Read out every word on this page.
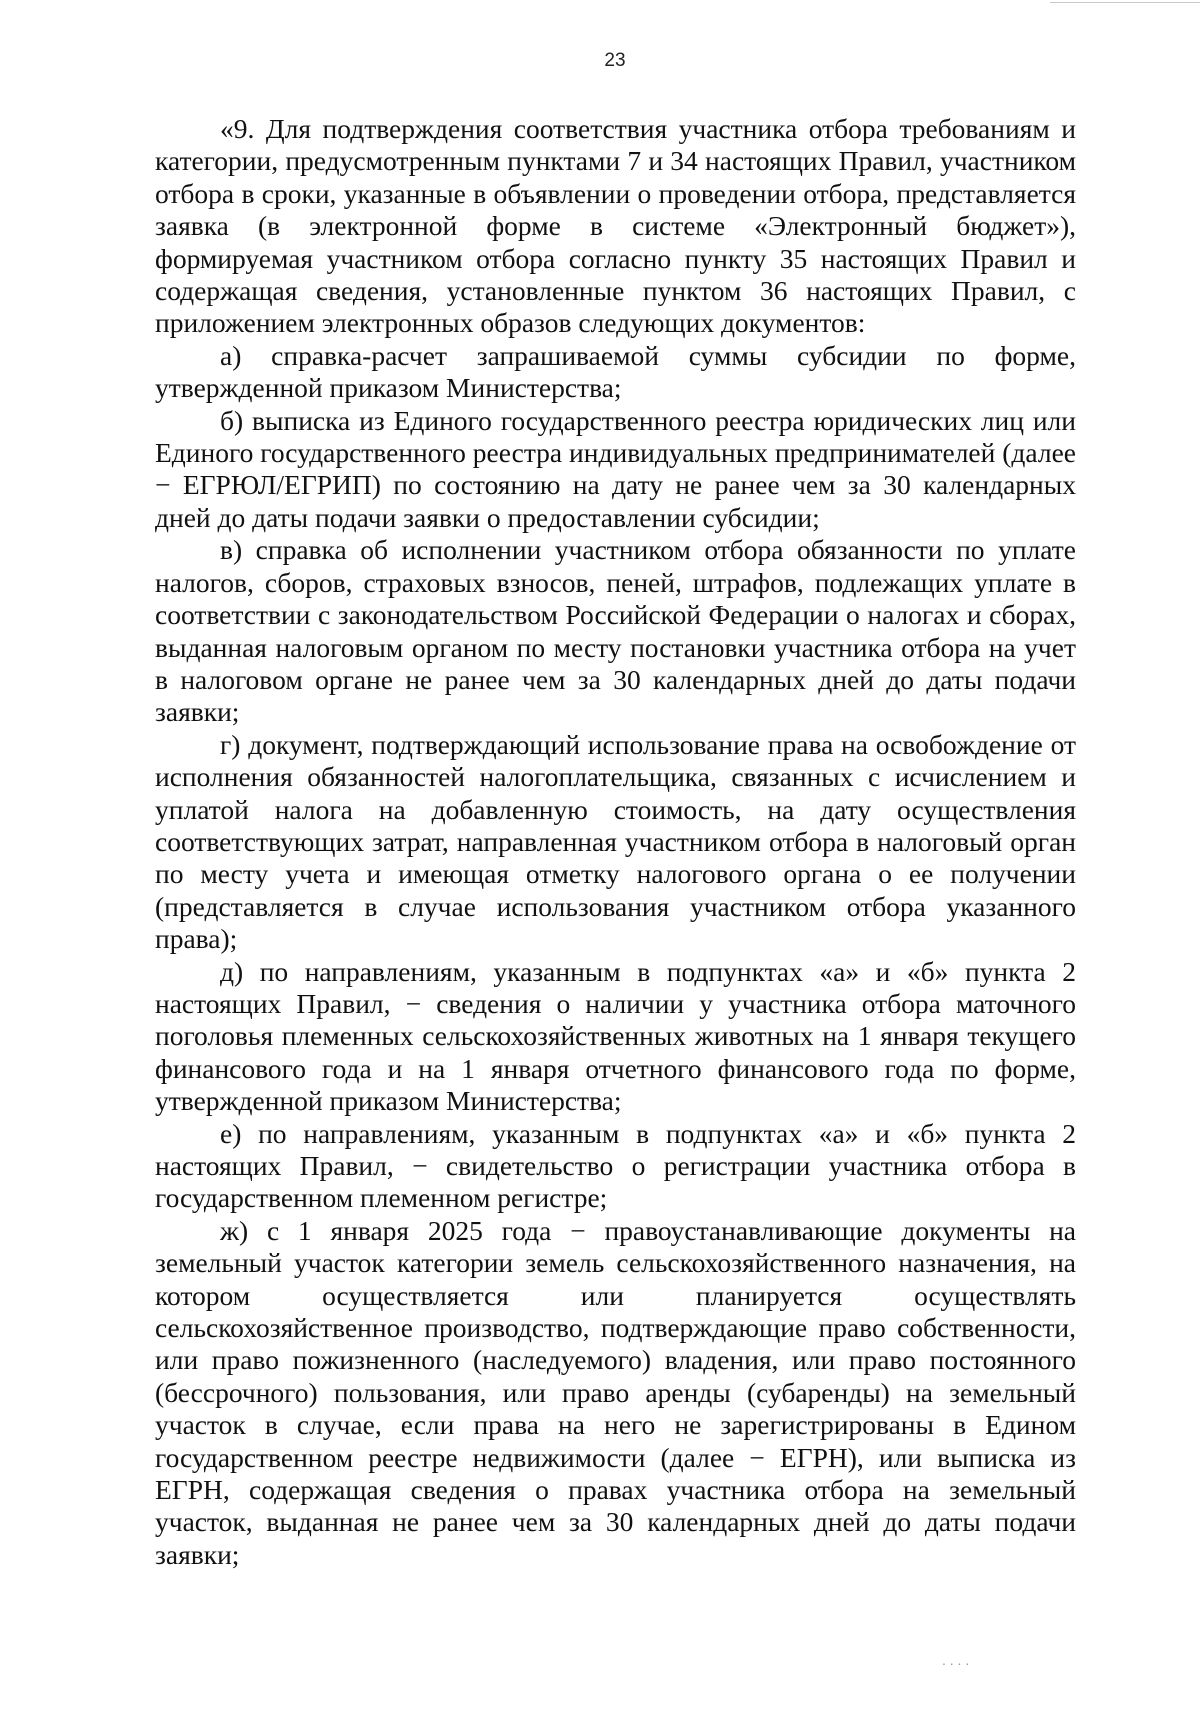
23

«9. Для подтверждения соответствия участника отбора требованиям и категории, предусмотренным пунктами 7 и 34 настоящих Правил, участником отбора в сроки, указанные в объявлении о проведении отбора, представляется заявка (в электронной форме в системе «Электронный бюджет»), формируемая участником отбора согласно пункту 35 настоящих Правил и содержащая сведения, установленные пунктом 36 настоящих Правил, с приложением электронных образов следующих документов:

а) справка-расчет запрашиваемой суммы субсидии по форме, утвержденной приказом Министерства;

б) выписка из Единого государственного реестра юридических лиц или Единого государственного реестра индивидуальных предпринимателей (далее − ЕГРЮЛ/ЕГРИП) по состоянию на дату не ранее чем за 30 календарных дней до даты подачи заявки о предоставлении субсидии;

в) справка об исполнении участником отбора обязанности по уплате налогов, сборов, страховых взносов, пеней, штрафов, подлежащих уплате в соответствии с законодательством Российской Федерации о налогах и сборах, выданная налоговым органом по месту постановки участника отбора на учет в налоговом органе не ранее чем за 30 календарных дней до даты подачи заявки;

г) документ, подтверждающий использование права на освобождение от исполнения обязанностей налогоплательщика, связанных с исчислением и уплатой налога на добавленную стоимость, на дату осуществления соответствующих затрат, направленная участником отбора в налоговый орган по месту учета и имеющая отметку налогового органа о ее получении (представляется в случае использования участником отбора указанного права);

д) по направлениям, указанным в подпунктах «а» и «б» пункта 2 настоящих Правил, − сведения о наличии у участника отбора маточного поголовья племенных сельскохозяйственных животных на 1 января текущего финансового года и на 1 января отчетного финансового года по форме, утвержденной приказом Министерства;

е) по направлениям, указанным в подпунктах «а» и «б» пункта 2 настоящих Правил, − свидетельство о регистрации участника отбора в государственном племенном регистре;

ж) с 1 января 2025 года − правоустанавливающие документы на земельный участок категории земель сельскохозяйственного назначения, на котором осуществляется или планируется осуществлять сельскохозяйственное производство, подтверждающие право собственности, или право пожизненного (наследуемого) владения, или право постоянного (бессрочного) пользования, или право аренды (субаренды) на земельный участок в случае, если права на него не зарегистрированы в Едином государственном реестре недвижимости (далее − ЕГРН), или выписка из ЕГРН, содержащая сведения о правах участника отбора на земельный участок, выданная не ранее чем за 30 календарных дней до даты подачи заявки;

. . . .
